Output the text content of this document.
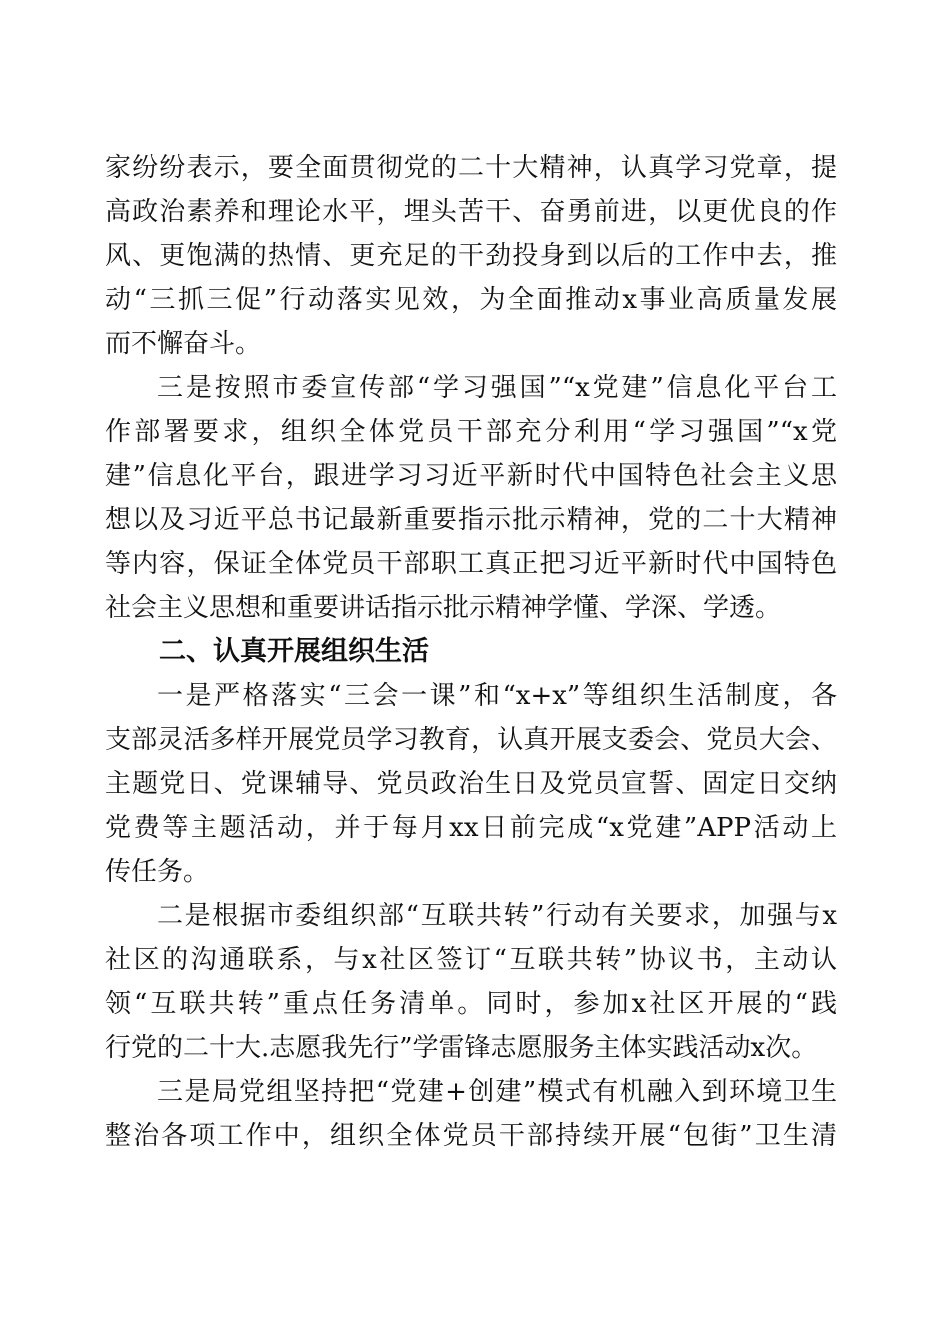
家纷纷表示，要全面贯彻党的二十大精神，认真学习党章，提
高政治素养和理论水平，埋头苦干、奋勇前进，以更优良的作
风、更饱满的热情、更充足的干劲投身到以后的工作中去，推
动“三抓三促”行动落实见效，为全面推动x事业高质量发展
而不懈奋斗。
三是按照市委宣传部“学习强国”“x党建”信息化平台工
作部署要求，组织全体党员干部充分利用“学习强国”“x党
建”信息化平台，跟进学习习近平新时代中国特色社会主义思
想以及习近平总书记最新重要指示批示精神，党的二十大精神
等内容，保证全体党员干部职工真正把习近平新时代中国特色
社会主义思想和重要讲话指示批示精神学懂、学深、学透。
二、认真开展组织生活
一是严格落实“三会一课”和“x+x”等组织生活制度，各
支部灵活多样开展党员学习教育，认真开展支委会、党员大会、
主题党日、党课辅导、党员政治生日及党员宣誓、固定日交纳
党费等主题活动，并于每月xx日前完成“x党建”APP活动上
传任务。
二是根据市委组织部“互联共转”行动有关要求，加强与x
社区的沟通联系，与x社区签订“互联共转”协议书，主动认
领“互联共转”重点任务清单。同时，参加x社区开展的“践
行党的二十大.志愿我先行”学雷锋志愿服务主体实践活动x次。
三是局党组坚持把“党建+创建”模式有机融入到环境卫生
整治各项工作中，组织全体党员干部持续开展“包街”卫生清
